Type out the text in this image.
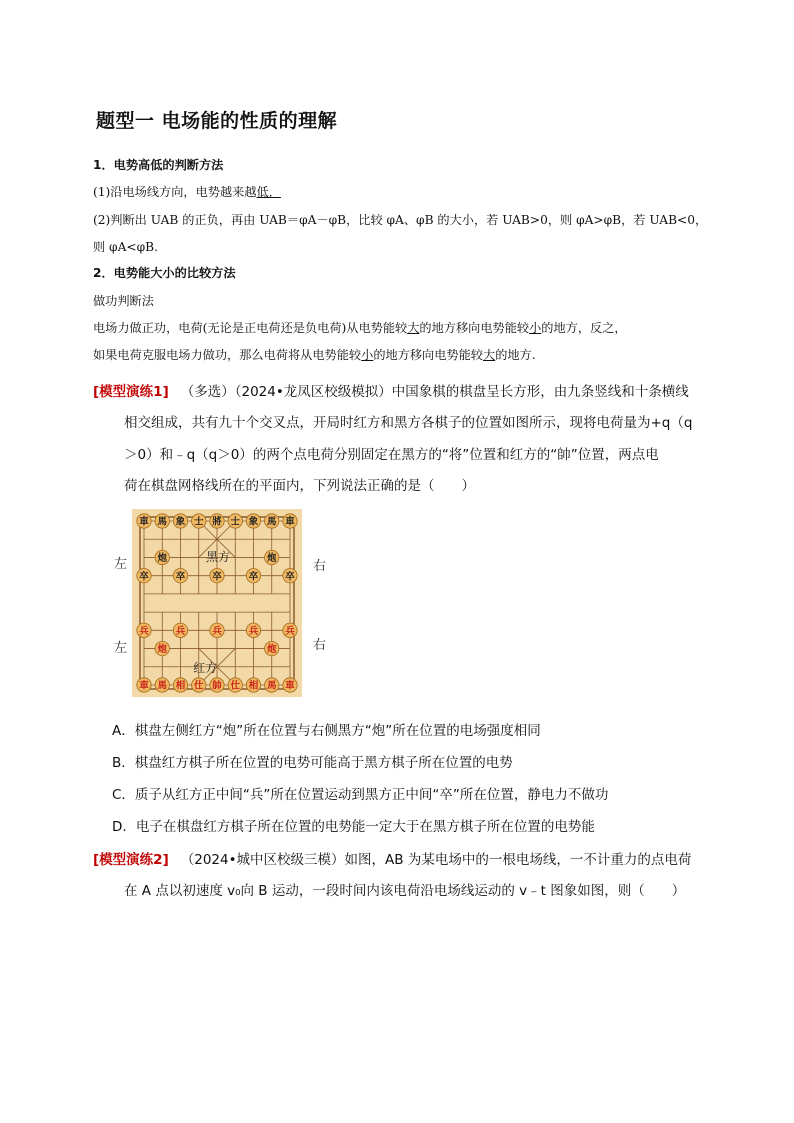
题型一 电场能的性质的理解
1．电势高低的判断方法
(1)沿电场线方向，电势越来越低．
(2)判断出 UAB 的正负，再由 UAB＝φA－φB，比较 φA、φB 的大小，若 UAB>0，则 φA>φB，若 UAB<0，
则 φA<φB.
2．电势能大小的比较方法
做功判断法
电场力做正功，电荷(无论是正电荷还是负电荷)从电势能较大的地方移向电势能较小的地方，反之，
如果电荷克服电场力做功，那么电荷将从电势能较小的地方移向电势能较大的地方.
[模型演练1] （多选）（2024•龙凤区校级模拟）中国象棋的棋盘呈长方形，由九条竖线和十条横线
相交组成，共有九十个交叉点，开局时红方和黑方各棋子的位置如图所示，现将电荷量为+q（q
＞0）和﹣q（q＞0）的两个点电荷分别固定在黑方的“将”位置和红方的“帥”位置，两点电
荷在棋盘网格线所在的平面内，下列说法正确的是（　　）
左	右
左	右
車 馬 象 士 將 士 象 馬 車
炮	炮
卒	卒	卒	卒	卒
兵	兵	兵	兵	兵
炮	炮
車 馬 相 仕 帥 仕 相 馬 車
黑方
红方
A．棋盘左侧红方“炮”所在位置与右侧黑方“炮”所在位置的电场强度相同
B．棋盘红方棋子所在位置的电势可能高于黑方棋子所在位置的电势
C．质子从红方正中间“兵”所在位置运动到黑方正中间“卒”所在位置，静电力不做功
D．电子在棋盘红方棋子所在位置的电势能一定大于在黑方棋子所在位置的电势能
[模型演练2] （2024•城中区校级三模）如图，AB 为某电场中的一根电场线，一不计重力的点电荷
在 A 点以初速度 v₀向 B 运动，一段时间内该电荷沿电场线运动的 v﹣t 图象如图，则（　　）
